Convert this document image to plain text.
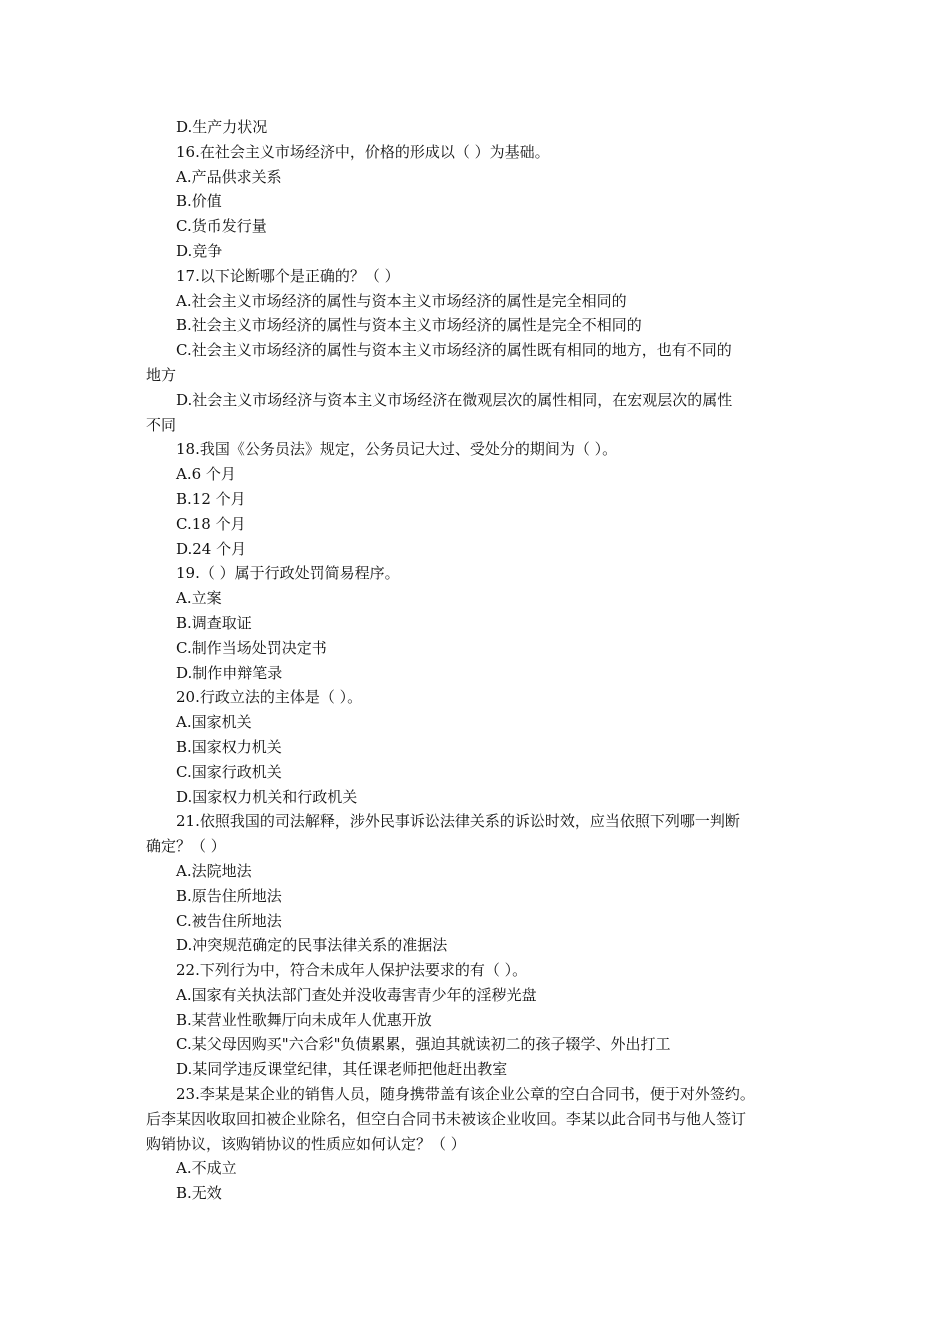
D.生产力状况
16.在社会主义市场经济中，价格的形成以（ ）为基础。
A.产品供求关系
B.价值
C.货币发行量
D.竞争
17.以下论断哪个是正确的？（ ）
A.社会主义市场经济的属性与资本主义市场经济的属性是完全相同的
B.社会主义市场经济的属性与资本主义市场经济的属性是完全不相同的
C.社会主义市场经济的属性与资本主义市场经济的属性既有相同的地方，也有不同的
地方
D.社会主义市场经济与资本主义市场经济在微观层次的属性相同，在宏观层次的属性
不同
18.我国《公务员法》规定，公务员记大过、受处分的期间为（ ）。
A.6 个月
B.12 个月
C.18 个月
D.24 个月
19.（ ）属于行政处罚简易程序。
A.立案
B.调查取证
C.制作当场处罚决定书
D.制作申辩笔录
20.行政立法的主体是（ ）。
A.国家机关
B.国家权力机关
C.国家行政机关
D.国家权力机关和行政机关
21.依照我国的司法解释，涉外民事诉讼法律关系的诉讼时效，应当依照下列哪一判断
确定？（ ）
A.法院地法
B.原告住所地法
C.被告住所地法
D.冲突规范确定的民事法律关系的准据法
22.下列行为中，符合未成年人保护法要求的有（ ）。
A.国家有关执法部门查处并没收毒害青少年的淫秽光盘
B.某营业性歌舞厅向未成年人优惠开放
C.某父母因购买"六合彩"负债累累，强迫其就读初二的孩子辍学、外出打工
D.某同学违反课堂纪律，其任课老师把他赶出教室
23.李某是某企业的销售人员，随身携带盖有该企业公章的空白合同书，便于对外签约。
后李某因收取回扣被企业除名，但空白合同书未被该企业收回。李某以此合同书与他人签订
购销协议，该购销协议的性质应如何认定？（ ）
A.不成立
B.无效
